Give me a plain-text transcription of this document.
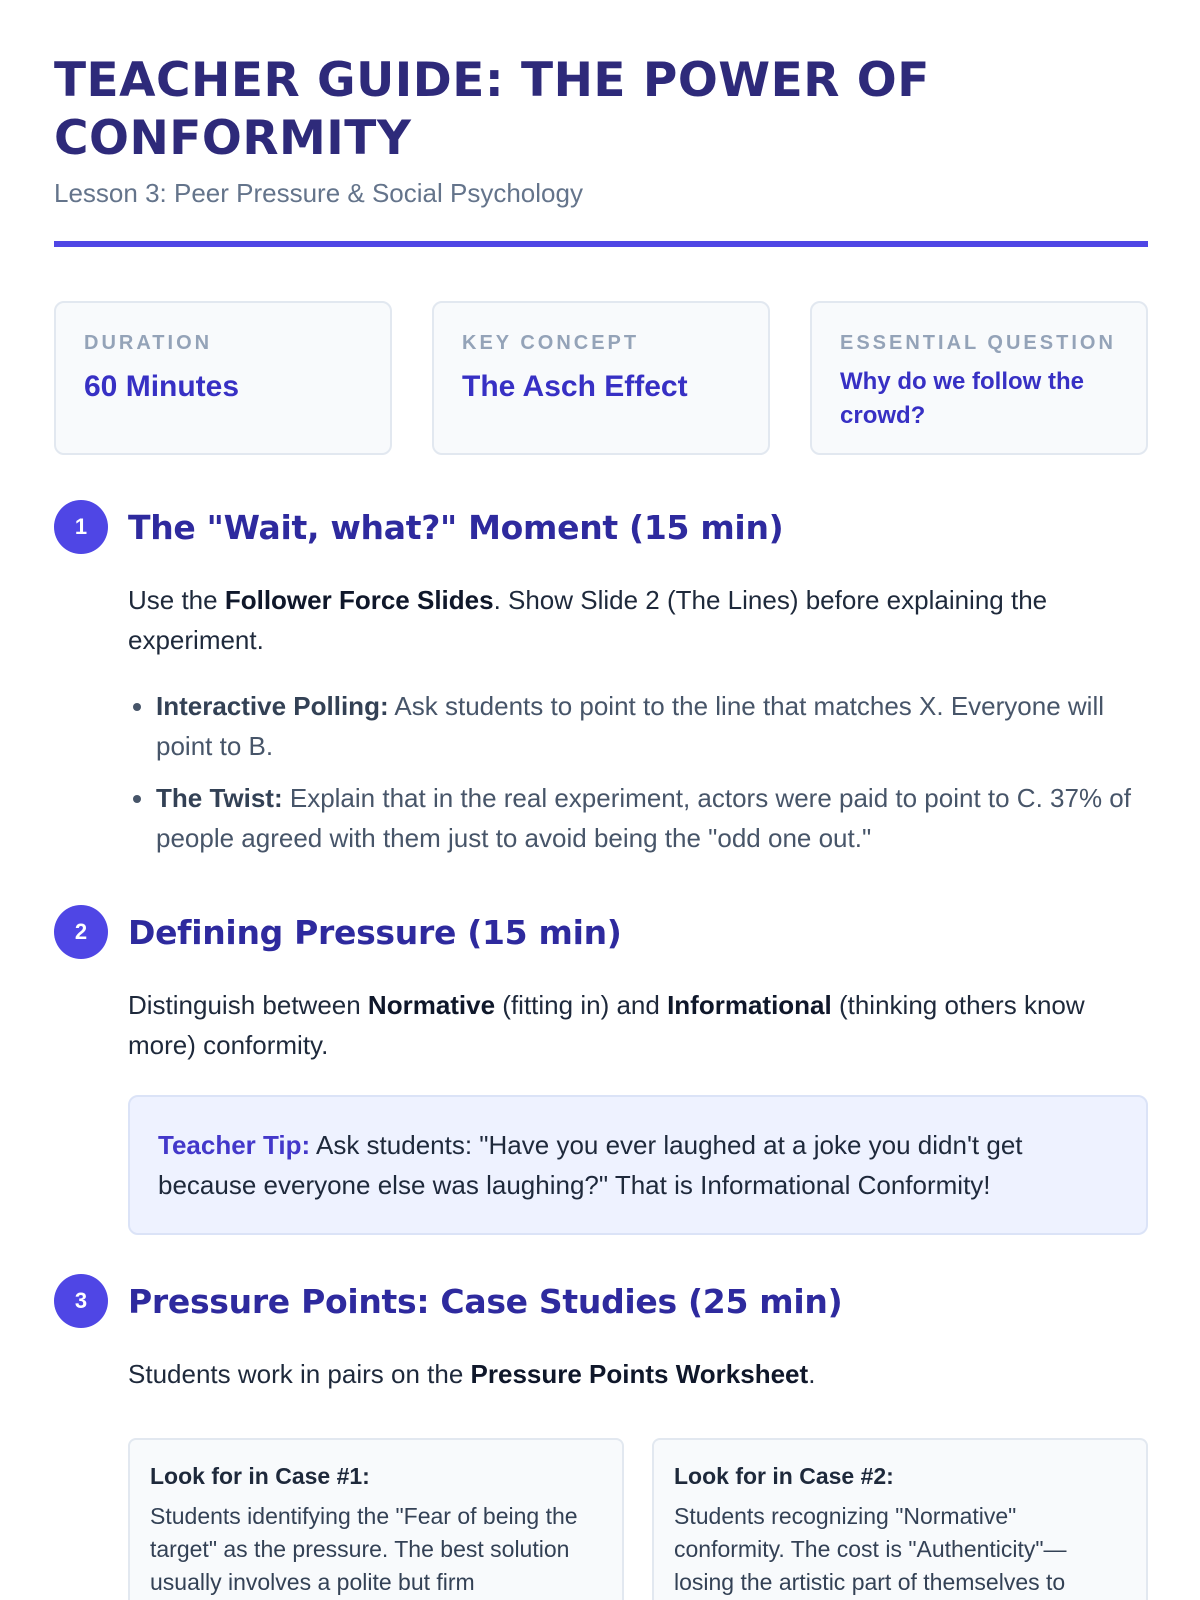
TEACHER GUIDE: THE POWER OF CONFORMITY
Lesson 3: Peer Pressure & Social Psychology
DURATION
60 Minutes
KEY CONCEPT
The Asch Effect
ESSENTIAL QUESTION
Why do we follow the crowd?
1	The "Wait, what?" Moment (15 min)

Use the Follower Force Slides. Show Slide 2 (The Lines) before explaining the experiment.

• Interactive Polling: Ask students to point to the line that matches X. Everyone will point to B.
• The Twist: Explain that in the real experiment, actors were paid to point to C. 37% of people agreed with them just to avoid being the "odd one out."
2	Defining Pressure (15 min)

Distinguish between Normative (fitting in) and Informational (thinking others know more) conformity.

Teacher Tip: Ask students: "Have you ever laughed at a joke you didn't get because everyone else was laughing?" That is Informational Conformity!
3	Pressure Points: Case Studies (25 min)

Students work in pairs on the Pressure Points Worksheet.

Look for in Case #1:
Students identifying the "Fear of being the target" as the pressure. The best solution usually involves a polite but firm
Look for in Case #2:
Students recognizing "Normative" conformity. The cost is "Authenticity"—losing the artistic part of themselves to
